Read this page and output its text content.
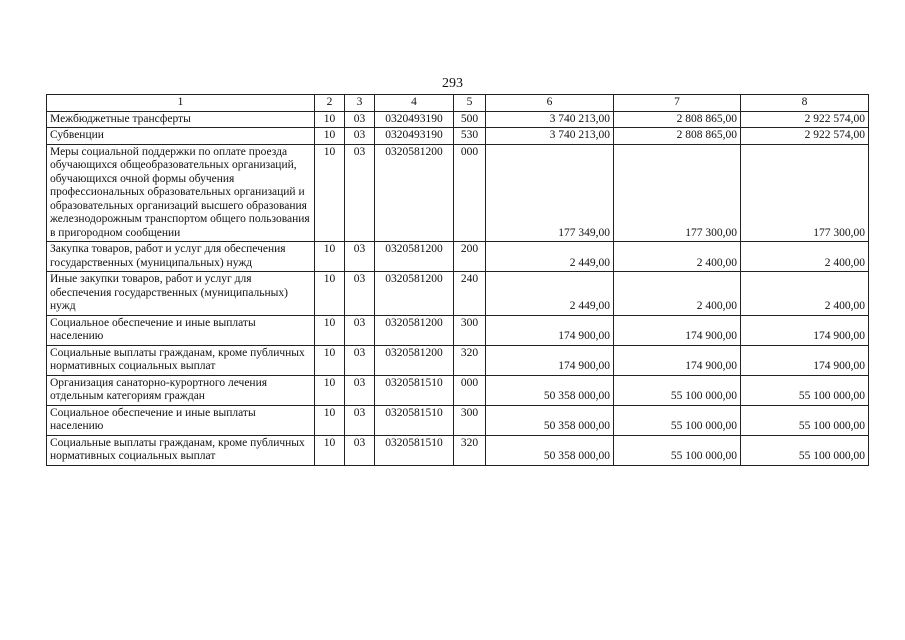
293
1	2	3	4	5	6	7	8
Межбюджетные трансферты	10	03	0320493190	500	3 740 213,00	2 808 865,00	2 922 574,00
Субвенции	10	03	0320493190	530	3 740 213,00	2 808 865,00	2 922 574,00
Меры социальной поддержки по оплате проезда обучающихся общеобразовательных организаций, обучающихся очной формы обучения профессиональных образовательных организаций и образовательных организаций высшего образования железнодорожным транспортом общего пользования в пригородном сообщении	10	03	0320581200	000	177 349,00	177 300,00	177 300,00
Закупка товаров, работ и услуг для обеспечения государственных (муниципальных) нужд	10	03	0320581200	200	2 449,00	2 400,00	2 400,00
Иные закупки товаров, работ и услуг для обеспечения государственных (муниципальных) нужд	10	03	0320581200	240	2 449,00	2 400,00	2 400,00
Социальное обеспечение и иные выплаты населению	10	03	0320581200	300	174 900,00	174 900,00	174 900,00
Социальные выплаты гражданам, кроме публичных нормативных социальных выплат	10	03	0320581200	320	174 900,00	174 900,00	174 900,00
Организация санаторно-курортного лечения отдельным категориям граждан	10	03	0320581510	000	50 358 000,00	55 100 000,00	55 100 000,00
Социальное обеспечение и иные выплаты населению	10	03	0320581510	300	50 358 000,00	55 100 000,00	55 100 000,00
Социальные выплаты гражданам, кроме публичных нормативных социальных выплат	10	03	0320581510	320	50 358 000,00	55 100 000,00	55 100 000,00
